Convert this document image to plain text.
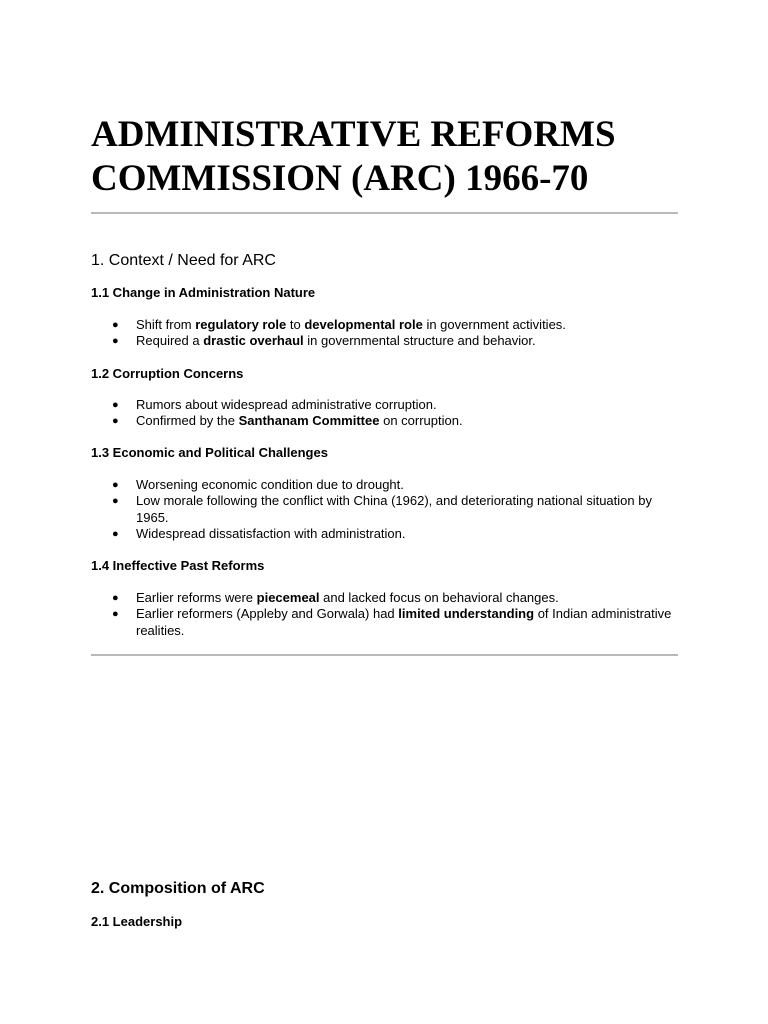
ADMINISTRATIVE REFORMS COMMISSION (ARC) 1966-70
1. Context / Need for ARC
1.1 Change in Administration Nature
● Shift from regulatory role to developmental role in government activities.
● Required a drastic overhaul in governmental structure and behavior.
1.2 Corruption Concerns
● Rumors about widespread administrative corruption.
● Confirmed by the Santhanam Committee on corruption.
1.3 Economic and Political Challenges
● Worsening economic condition due to drought.
● Low morale following the conflict with China (1962), and deteriorating national situation by 1965.
● Widespread dissatisfaction with administration.
1.4 Ineffective Past Reforms
● Earlier reforms were piecemeal and lacked focus on behavioral changes.
● Earlier reformers (Appleby and Gorwala) had limited understanding of Indian administrative realities.
2. Composition of ARC
2.1 Leadership
